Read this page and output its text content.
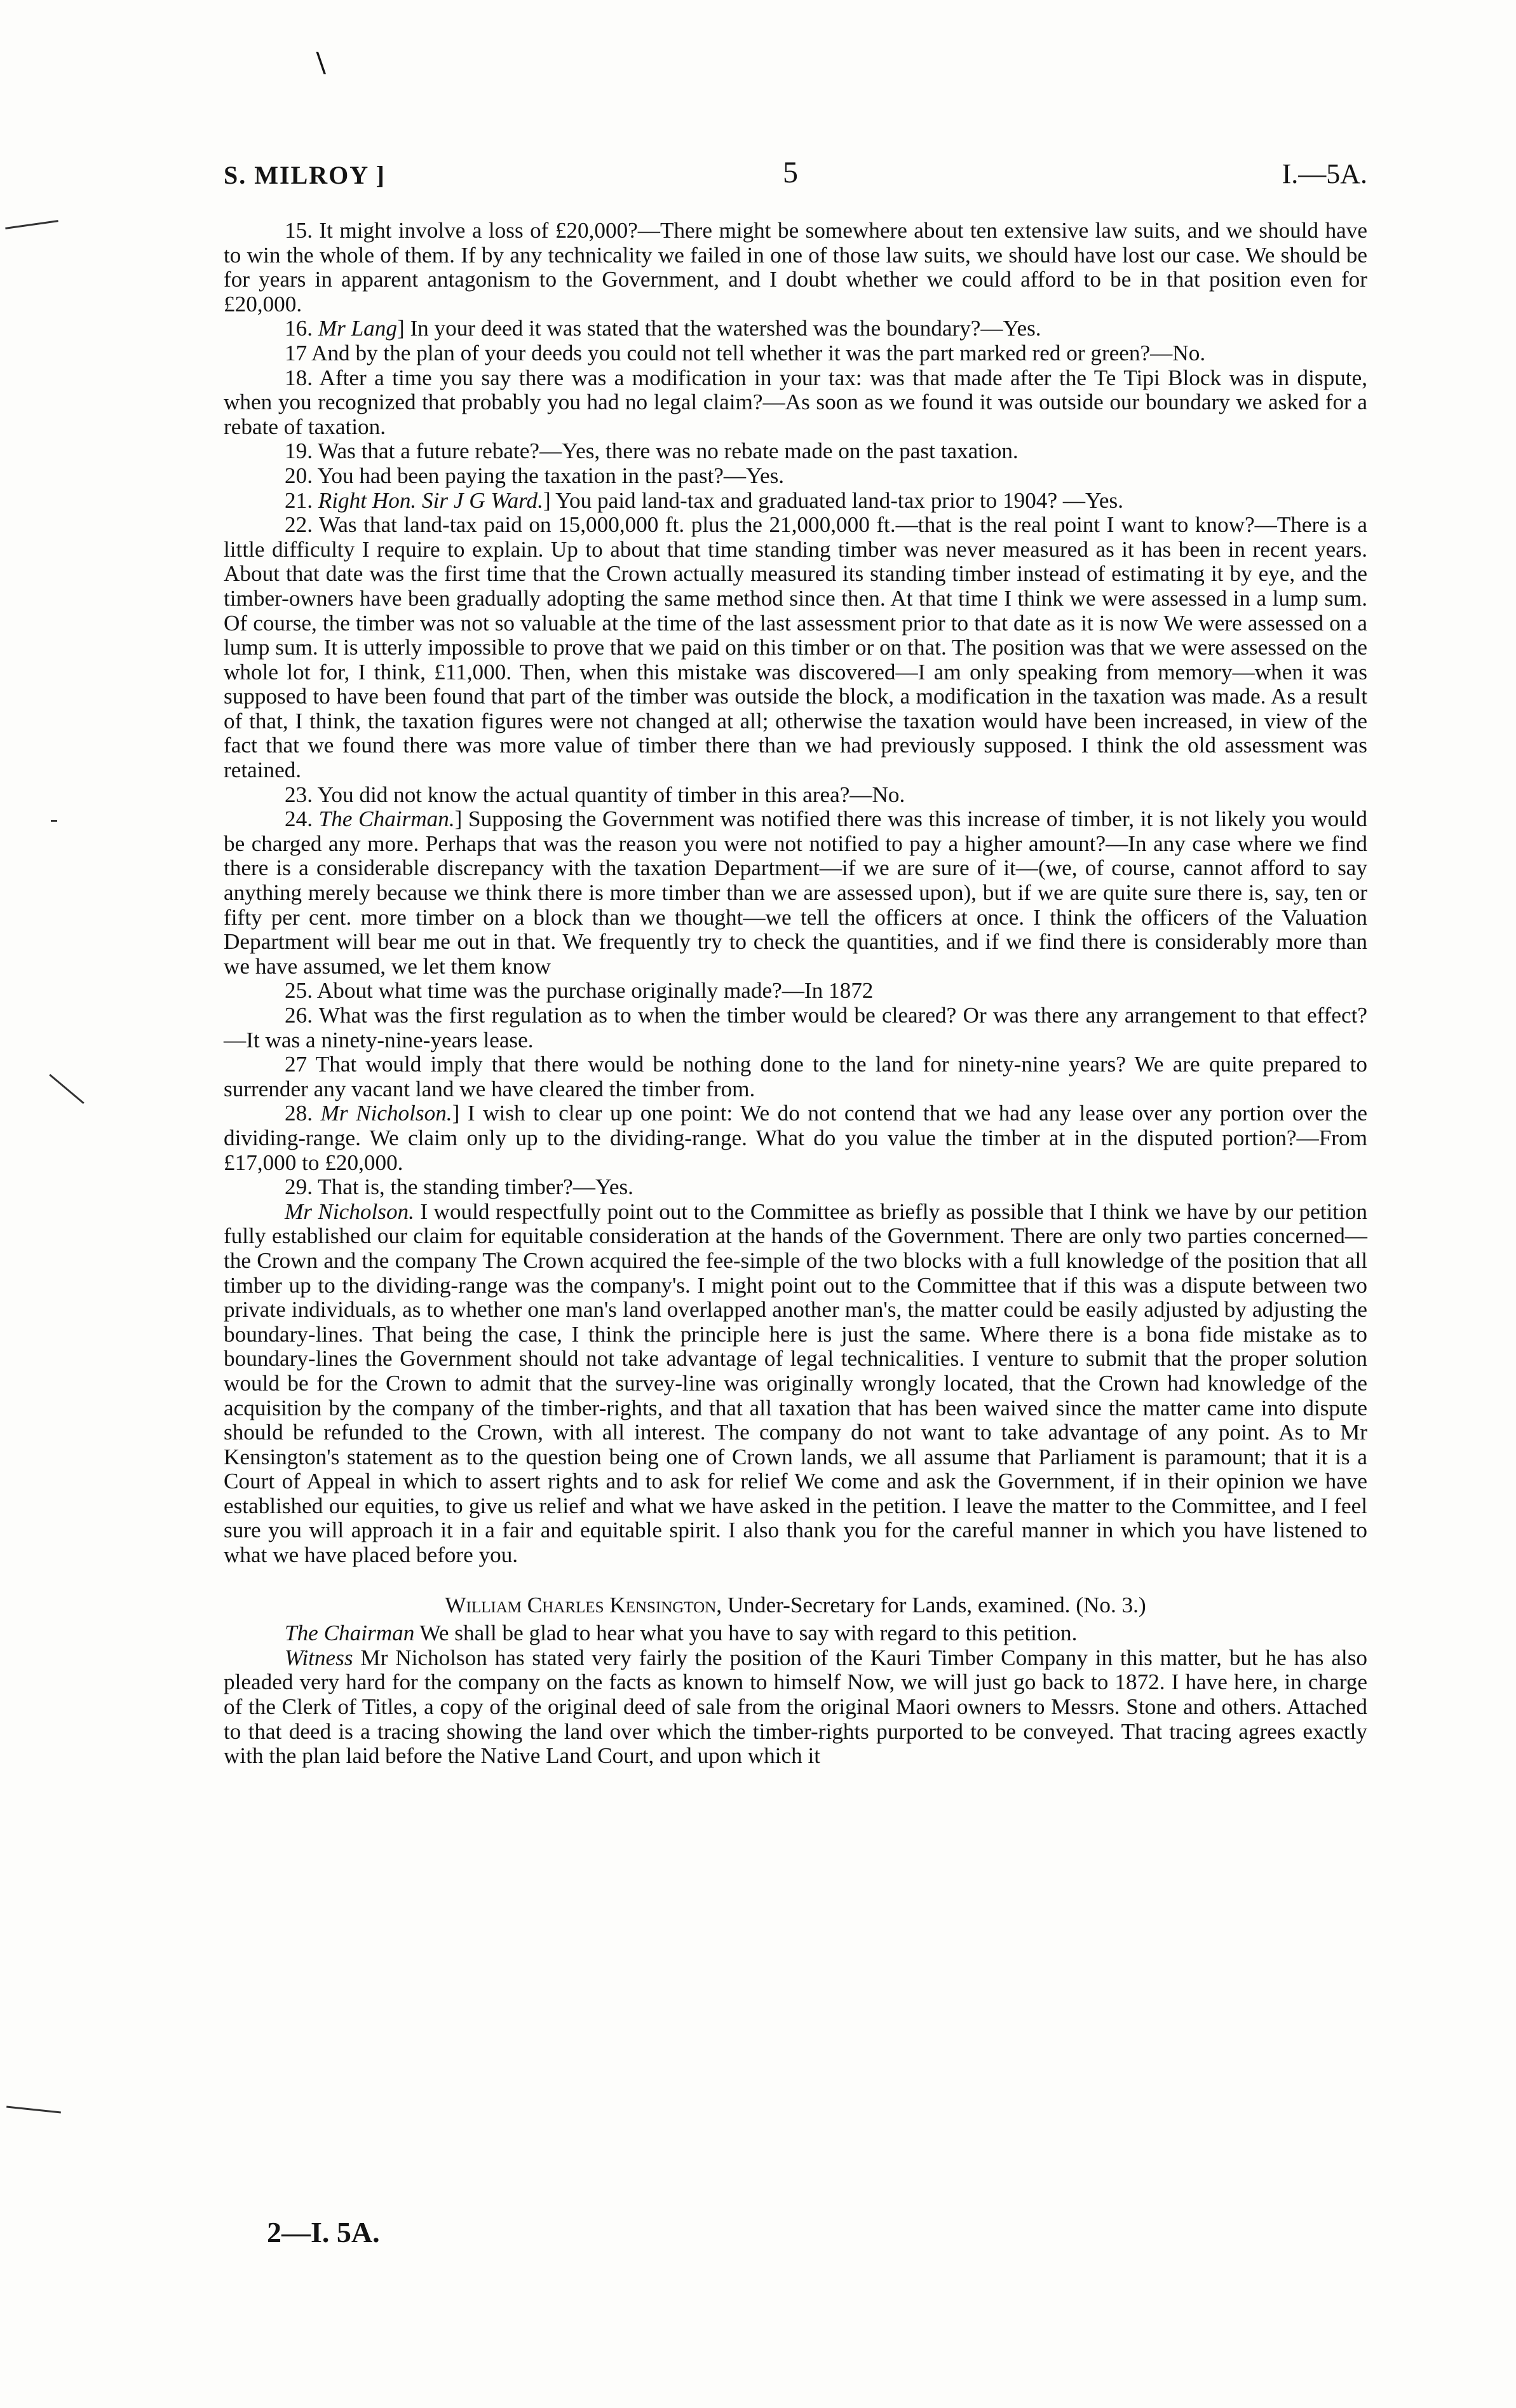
\
S. MILROY ]	5	I.—5A.

15. It might involve a loss of £20,000?—There might be somewhere about ten extensive law suits, and we should have to win the whole of them. If by any technicality we failed in one of those law suits, we should have lost our case. We should be for years in apparent antagonism to the Government, and I doubt whether we could afford to be in that position even for £20,000.

16. Mr Lang] In your deed it was stated that the watershed was the boundary?—Yes.

17 And by the plan of your deeds you could not tell whether it was the part marked red or green?—No.

18. After a time you say there was a modification in your tax: was that made after the Te Tipi Block was in dispute, when you recognized that probably you had no legal claim?—As soon as we found it was outside our boundary we asked for a rebate of taxation.

19. Was that a future rebate?—Yes, there was no rebate made on the past taxation.

20. You had been paying the taxation in the past?—Yes.

21. Right Hon. Sir J G Ward.] You paid land-tax and graduated land-tax prior to 1904? —Yes.

22. Was that land-tax paid on 15,000,000 ft. plus the 21,000,000 ft.—that is the real point I want to know?—There is a little difficulty I require to explain. Up to about that time standing timber was never measured as it has been in recent years. About that date was the first time that the Crown actually measured its standing timber instead of estimating it by eye, and the timber-owners have been gradually adopting the same method since then. At that time I think we were assessed in a lump sum. Of course, the timber was not so valuable at the time of the last assessment prior to that date as it is now We were assessed on a lump sum. It is utterly impossible to prove that we paid on this timber or on that. The position was that we were assessed on the whole lot for, I think, £11,000. Then, when this mistake was discovered—I am only speaking from memory—when it was supposed to have been found that part of the timber was outside the block, a modification in the taxation was made. As a result of that, I think, the taxation figures were not changed at all; otherwise the taxation would have been increased, in view of the fact that we found there was more value of timber there than we had previously supposed. I think the old assessment was retained.

23. You did not know the actual quantity of timber in this area?—No.

24. The Chairman.] Supposing the Government was notified there was this increase of timber, it is not likely you would be charged any more. Perhaps that was the reason you were not notified to pay a higher amount?—In any case where we find there is a considerable discrepancy with the taxation Department—if we are sure of it—(we, of course, cannot afford to say anything merely because we think there is more timber than we are assessed upon), but if we are quite sure there is, say, ten or fifty per cent. more timber on a block than we thought—we tell the officers at once. I think the officers of the Valuation Department will bear me out in that. We frequently try to check the quantities, and if we find there is considerably more than we have assumed, we let them know

25. About what time was the purchase originally made?—In 1872

26. What was the first regulation as to when the timber would be cleared? Or was there any arrangement to that effect?—It was a ninety-nine-years lease.

27 That would imply that there would be nothing done to the land for ninety-nine years? We are quite prepared to surrender any vacant land we have cleared the timber from.

28. Mr Nicholson.] I wish to clear up one point: We do not contend that we had any lease over any portion over the dividing-range. We claim only up to the dividing-range. What do you value the timber at in the disputed portion?—From £17,000 to £20,000.

29. That is, the standing timber?—Yes.

Mr Nicholson. I would respectfully point out to the Committee as briefly as possible that I think we have by our petition fully established our claim for equitable consideration at the hands of the Government. There are only two parties concerned—the Crown and the company The Crown acquired the fee-simple of the two blocks with a full knowledge of the position that all timber up to the dividing-range was the company's. I might point out to the Committee that if this was a dispute between two private individuals, as to whether one man's land overlapped another man's, the matter could be easily adjusted by adjusting the boundary-lines. That being the case, I think the principle here is just the same. Where there is a bona fide mistake as to boundary-lines the Government should not take advantage of legal technicalities. I venture to submit that the proper solution would be for the Crown to admit that the survey-line was originally wrongly located, that the Crown had knowledge of the acquisition by the company of the timber-rights, and that all taxation that has been waived since the matter came into dispute should be refunded to the Crown, with all interest. The company do not want to take advantage of any point. As to Mr Kensington's statement as to the question being one of Crown lands, we all assume that Parliament is paramount; that it is a Court of Appeal in which to assert rights and to ask for relief We come and ask the Government, if in their opinion we have established our equities, to give us relief and what we have asked in the petition. I leave the matter to the Committee, and I feel sure you will approach it in a fair and equitable spirit. I also thank you for the careful manner in which you have listened to what we have placed before you.

William Charles Kensington, Under-Secretary for Lands, examined. (No. 3.)

The Chairman We shall be glad to hear what you have to say with regard to this petition.

Witness Mr Nicholson has stated very fairly the position of the Kauri Timber Company in this matter, but he has also pleaded very hard for the company on the facts as known to himself Now, we will just go back to 1872. I have here, in charge of the Clerk of Titles, a copy of the original deed of sale from the original Maori owners to Messrs. Stone and others. Attached to that deed is a tracing showing the land over which the timber-rights purported to be conveyed. That tracing agrees exactly with the plan laid before the Native Land Court, and upon which it

2—I. 5A.
